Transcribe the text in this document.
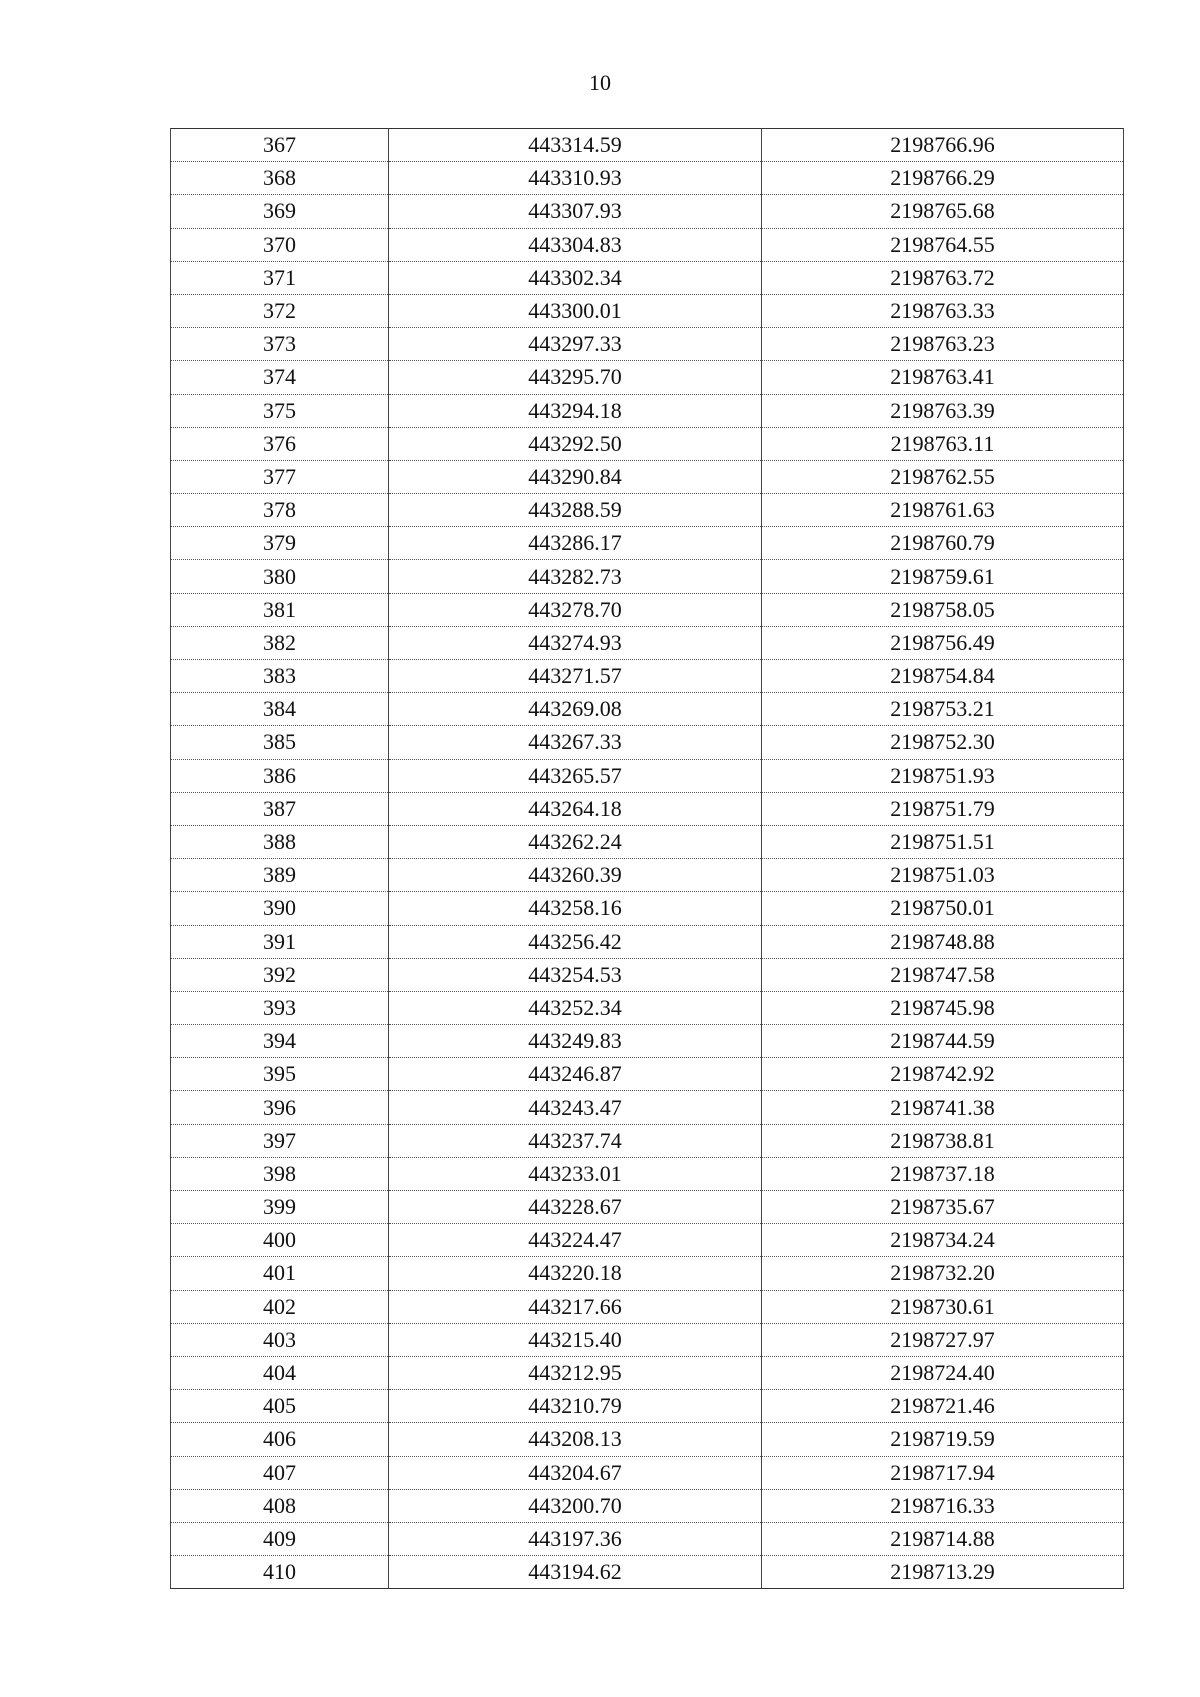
10
367	443314.59	2198766.96
368	443310.93	2198766.29
369	443307.93	2198765.68
370	443304.83	2198764.55
371	443302.34	2198763.72
372	443300.01	2198763.33
373	443297.33	2198763.23
374	443295.70	2198763.41
375	443294.18	2198763.39
376	443292.50	2198763.11
377	443290.84	2198762.55
378	443288.59	2198761.63
379	443286.17	2198760.79
380	443282.73	2198759.61
381	443278.70	2198758.05
382	443274.93	2198756.49
383	443271.57	2198754.84
384	443269.08	2198753.21
385	443267.33	2198752.30
386	443265.57	2198751.93
387	443264.18	2198751.79
388	443262.24	2198751.51
389	443260.39	2198751.03
390	443258.16	2198750.01
391	443256.42	2198748.88
392	443254.53	2198747.58
393	443252.34	2198745.98
394	443249.83	2198744.59
395	443246.87	2198742.92
396	443243.47	2198741.38
397	443237.74	2198738.81
398	443233.01	2198737.18
399	443228.67	2198735.67
400	443224.47	2198734.24
401	443220.18	2198732.20
402	443217.66	2198730.61
403	443215.40	2198727.97
404	443212.95	2198724.40
405	443210.79	2198721.46
406	443208.13	2198719.59
407	443204.67	2198717.94
408	443200.70	2198716.33
409	443197.36	2198714.88
410	443194.62	2198713.29
